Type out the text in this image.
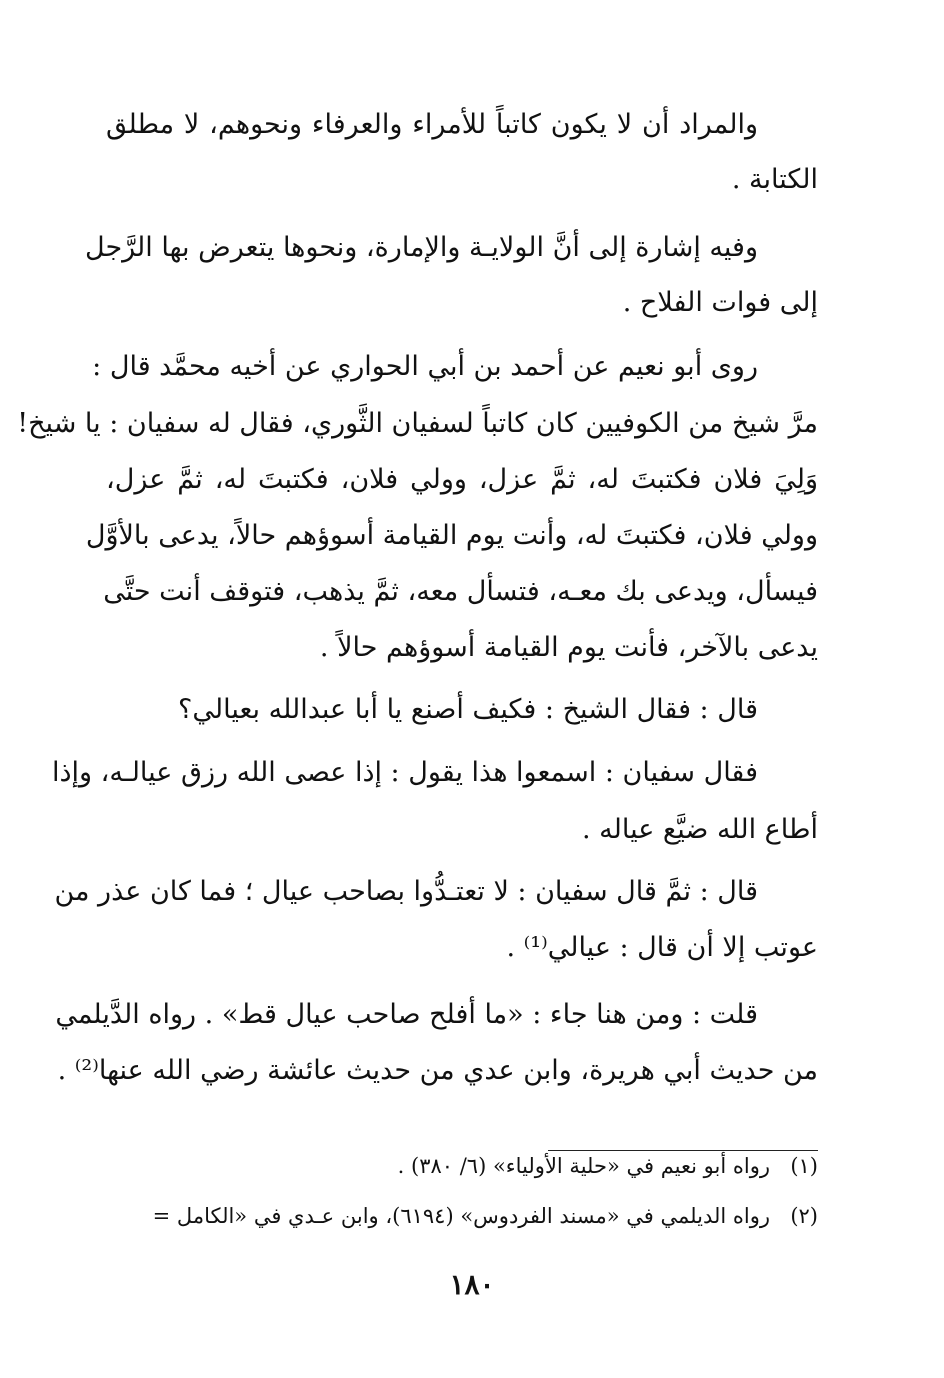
والمراد أن لا يكون كاتباً للأمراء والعرفاء ونحوهم، لا مطلق
الكتابة .
وفيه إشارة إلى أنَّ الولايـة والإمارة، ونحوها يتعرض بها الرَّجل
إلى فوات الفلاح .
روى أبو نعيم عن أحمد بن أبي الحواري عن أخيه محمَّد قال :
مرَّ شيخ من الكوفيين كان كاتباً لسفيان الثَّوري، فقال له سفيان : يا شيخ!
وَلِيَ فلان فكتبتَ له، ثمَّ عزل، وولي فلان، فكتبتَ له، ثمَّ عزل،
وولي فلان، فكتبتَ له، وأنت يوم القيامة أسوؤهم حالاً، يدعى بالأوَّل
فيسأل، ويدعى بك معـه، فتسأل معه، ثمَّ يذهب، فتوقف أنت حتَّى
يدعى بالآخر، فأنت يوم القيامة أسوؤهم حالاً .
قال : فقال الشيخ : فكيف أصنع يا أبا عبدالله بعيالي؟
فقال سفيان : اسمعوا هذا يقول : إذا عصى الله رزق عيالـه، وإذا
أطاع الله ضيَّع عياله .
قال : ثمَّ قال سفيان : لا تعتـدُّوا بصاحب عيال ؛ فما كان عذر من
عوتب إلا أن قال : عيالي⁽¹⁾ .
قلت : ومن هنا جاء : «ما أفلح صاحب عيال قط» . رواه الدَّيلمي
من حديث أبي هريرة، وابن عدي من حديث عائشة رضي الله عنها⁽²⁾ .
(١)رواه أبو نعيم في «حلية الأولياء» (٦/ ٣٨٠) .
(٢)رواه الديلمي في «مسند الفردوس» (٦١٩٤)، وابن عـدي في «الكامل =
١٨٠
